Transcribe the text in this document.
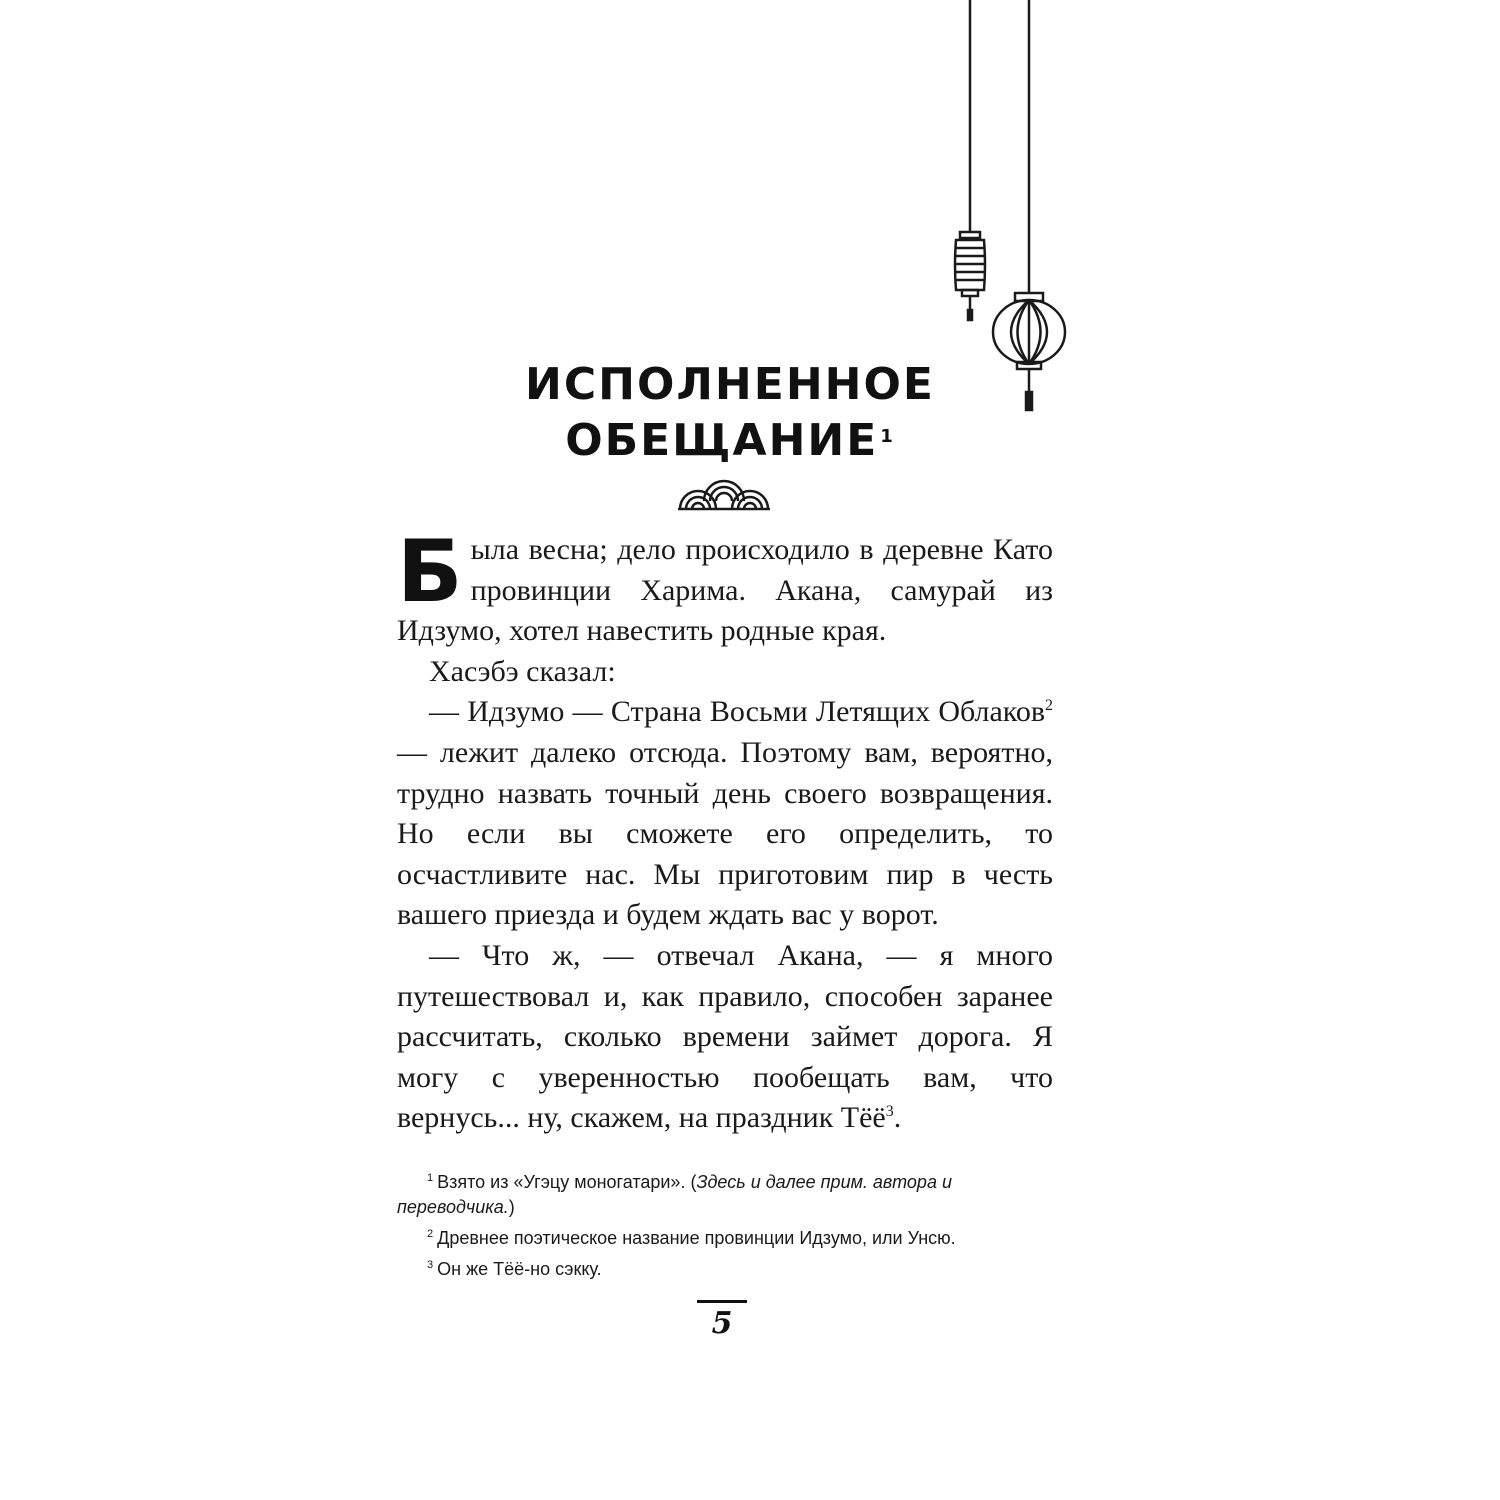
ИСПОЛНЕННОЕ
ОБЕЩАНИЕ $^1$

Была весна; дело происходило в деревне Като провинции Харима. Акана, самурай из Идзумо, хотел навестить родные края.

Хасэбэ сказал:

— Идзумо — Страна Восьми Летящих Облаков$^2$ — лежит далеко отсюда. Поэтому вам, вероятно, трудно назвать точный день своего возвращения. Но если вы сможете его определить, то осчастливите нас. Мы приготовим пир в честь вашего приезда и будем ждать вас у ворот.

— Что ж, — отвечал Акана, — я много путешествовал и, как правило, способен заранее рассчитать, сколько времени займет дорога. Я могу с уверенностью пообещать вам, что вернусь... ну, скажем, на праздник Тёё$^3$.

$^1$ Взято из «Угэцу моногатари». (Здесь и далее прим. автора и переводчика.)

$^2$ Древнее поэтическое название провинции Идзумо, или Унсю.

$^3$ Он же Тёё-но сэкку.

5
